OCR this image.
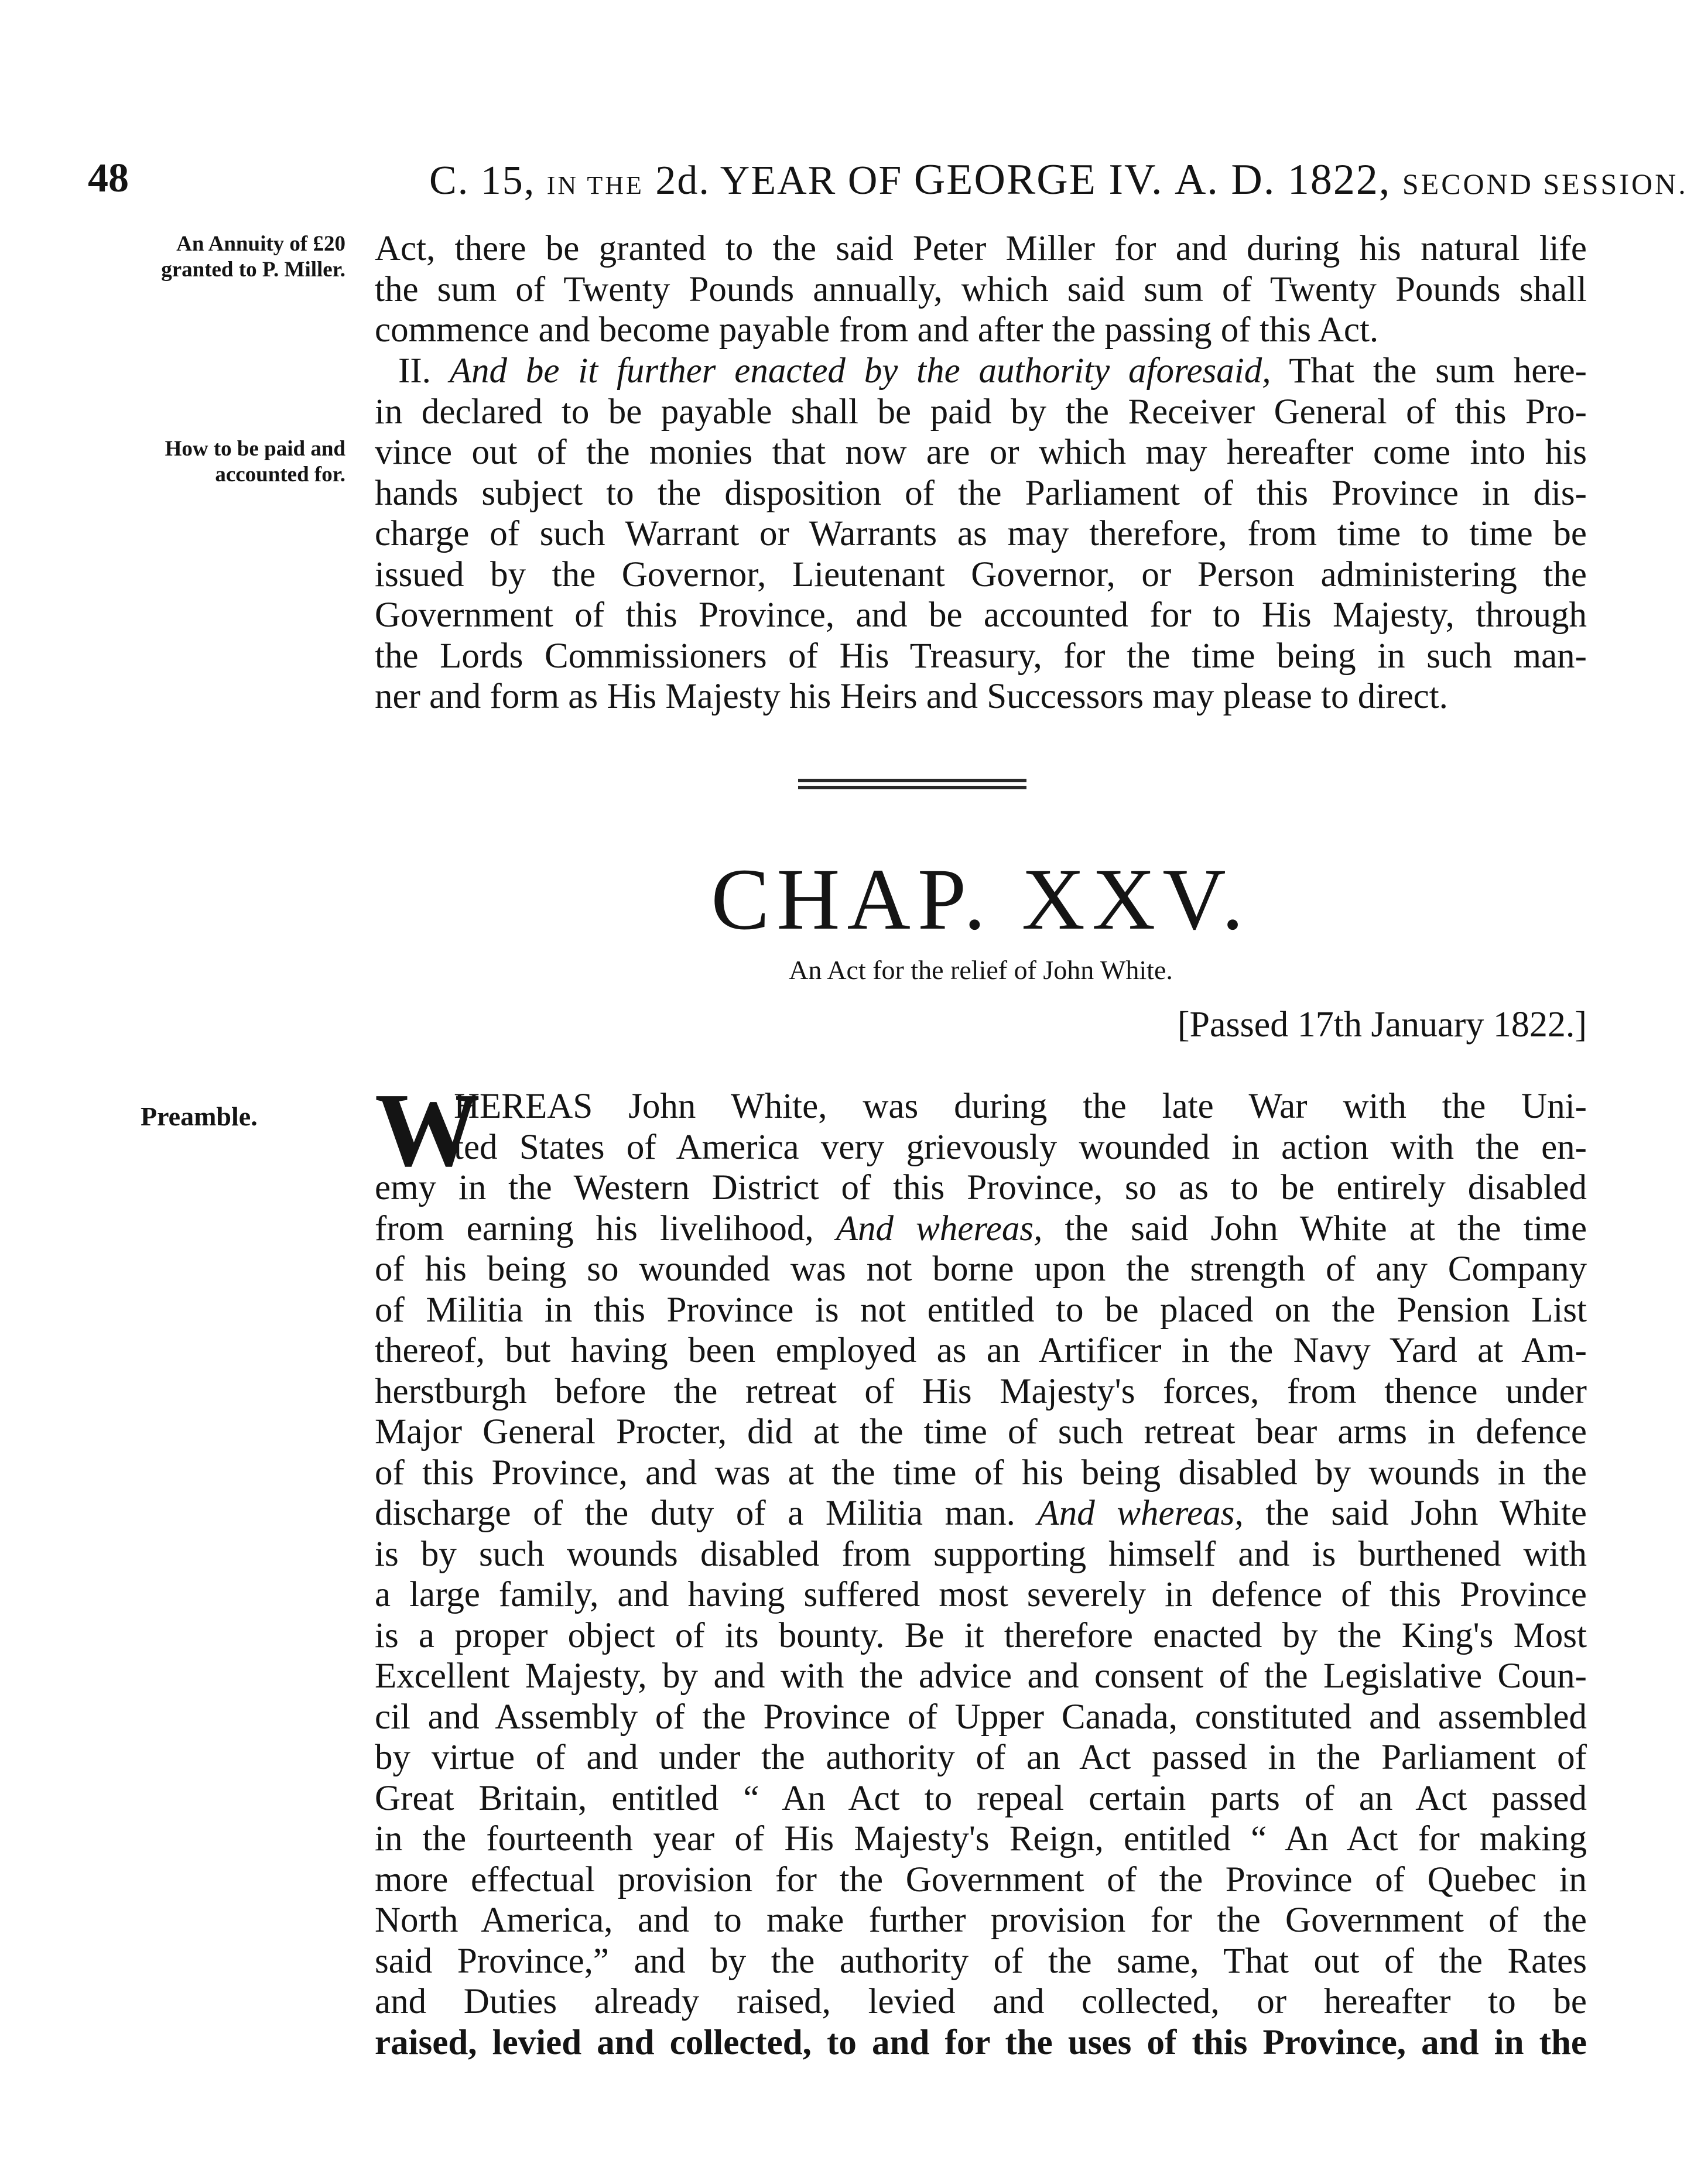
48	C. 15, IN THE 2d. YEAR OF GEORGE IV. A. D. 1822, SECOND SESSION.
An Annuity of £20
granted to P. Miller.
How to be paid and
accounted for.
Preamble.
Act, there be granted to the said Peter Miller for and during his natural life
the sum of Twenty Pounds annually, which said sum of Twenty Pounds shall
commence and become payable from and after the passing of this Act.
II. And be it further enacted by the authority aforesaid, That the sum here-
in declared to be payable shall be paid by the Receiver General of this Pro-
vince out of the monies that now are or which may hereafter come into his
hands subject to the disposition of the Parliament of this Province in dis-
charge of such Warrant or Warrants as may therefore, from time to time be
issued by the Governor, Lieutenant Governor, or Person administering the
Government of this Province, and be accounted for to His Majesty, through
the Lords Commissioners of His Treasury, for the time being in such man-
ner and form as His Majesty his Heirs and Successors may please to direct.
CHAP. XXV.
An Act for the relief of John White.
[Passed 17th January 1822.]
W
HEREAS John White, was during the late War with the Uni-
ted States of America very grievously wounded in action with the en-
emy in the Western District of this Province, so as to be entirely disabled
from earning his livelihood, And whereas, the said John White at the time
of his being so wounded was not borne upon the strength of any Company
of Militia in this Province is not entitled to be placed on the Pension List
thereof, but having been employed as an Artificer in the Navy Yard at Am-
herstburgh before the retreat of His Majesty's forces, from thence under
Major General Procter, did at the time of such retreat bear arms in defence
of this Province, and was at the time of his being disabled by wounds in the
discharge of the duty of a Militia man. And whereas, the said John White
is by such wounds disabled from supporting himself and is burthened with
a large family, and having suffered most severely in defence of this Province
is a proper object of its bounty. Be it therefore enacted by the King's Most
Excellent Majesty, by and with the advice and consent of the Legislative Coun-
cil and Assembly of the Province of Upper Canada, constituted and assembled
by virtue of and under the authority of an Act passed in the Parliament of
Great Britain, entitled “ An Act to repeal certain parts of an Act passed
in the fourteenth year of His Majesty's Reign, entitled “ An Act for making
more effectual provision for the Government of the Province of Quebec in
North America, and to make further provision for the Government of the
said Province,” and by the authority of the same, That out of the Rates
and Duties already raised, levied and collected, or hereafter to be
raised, levied and collected, to and for the uses of this Province, and in the
